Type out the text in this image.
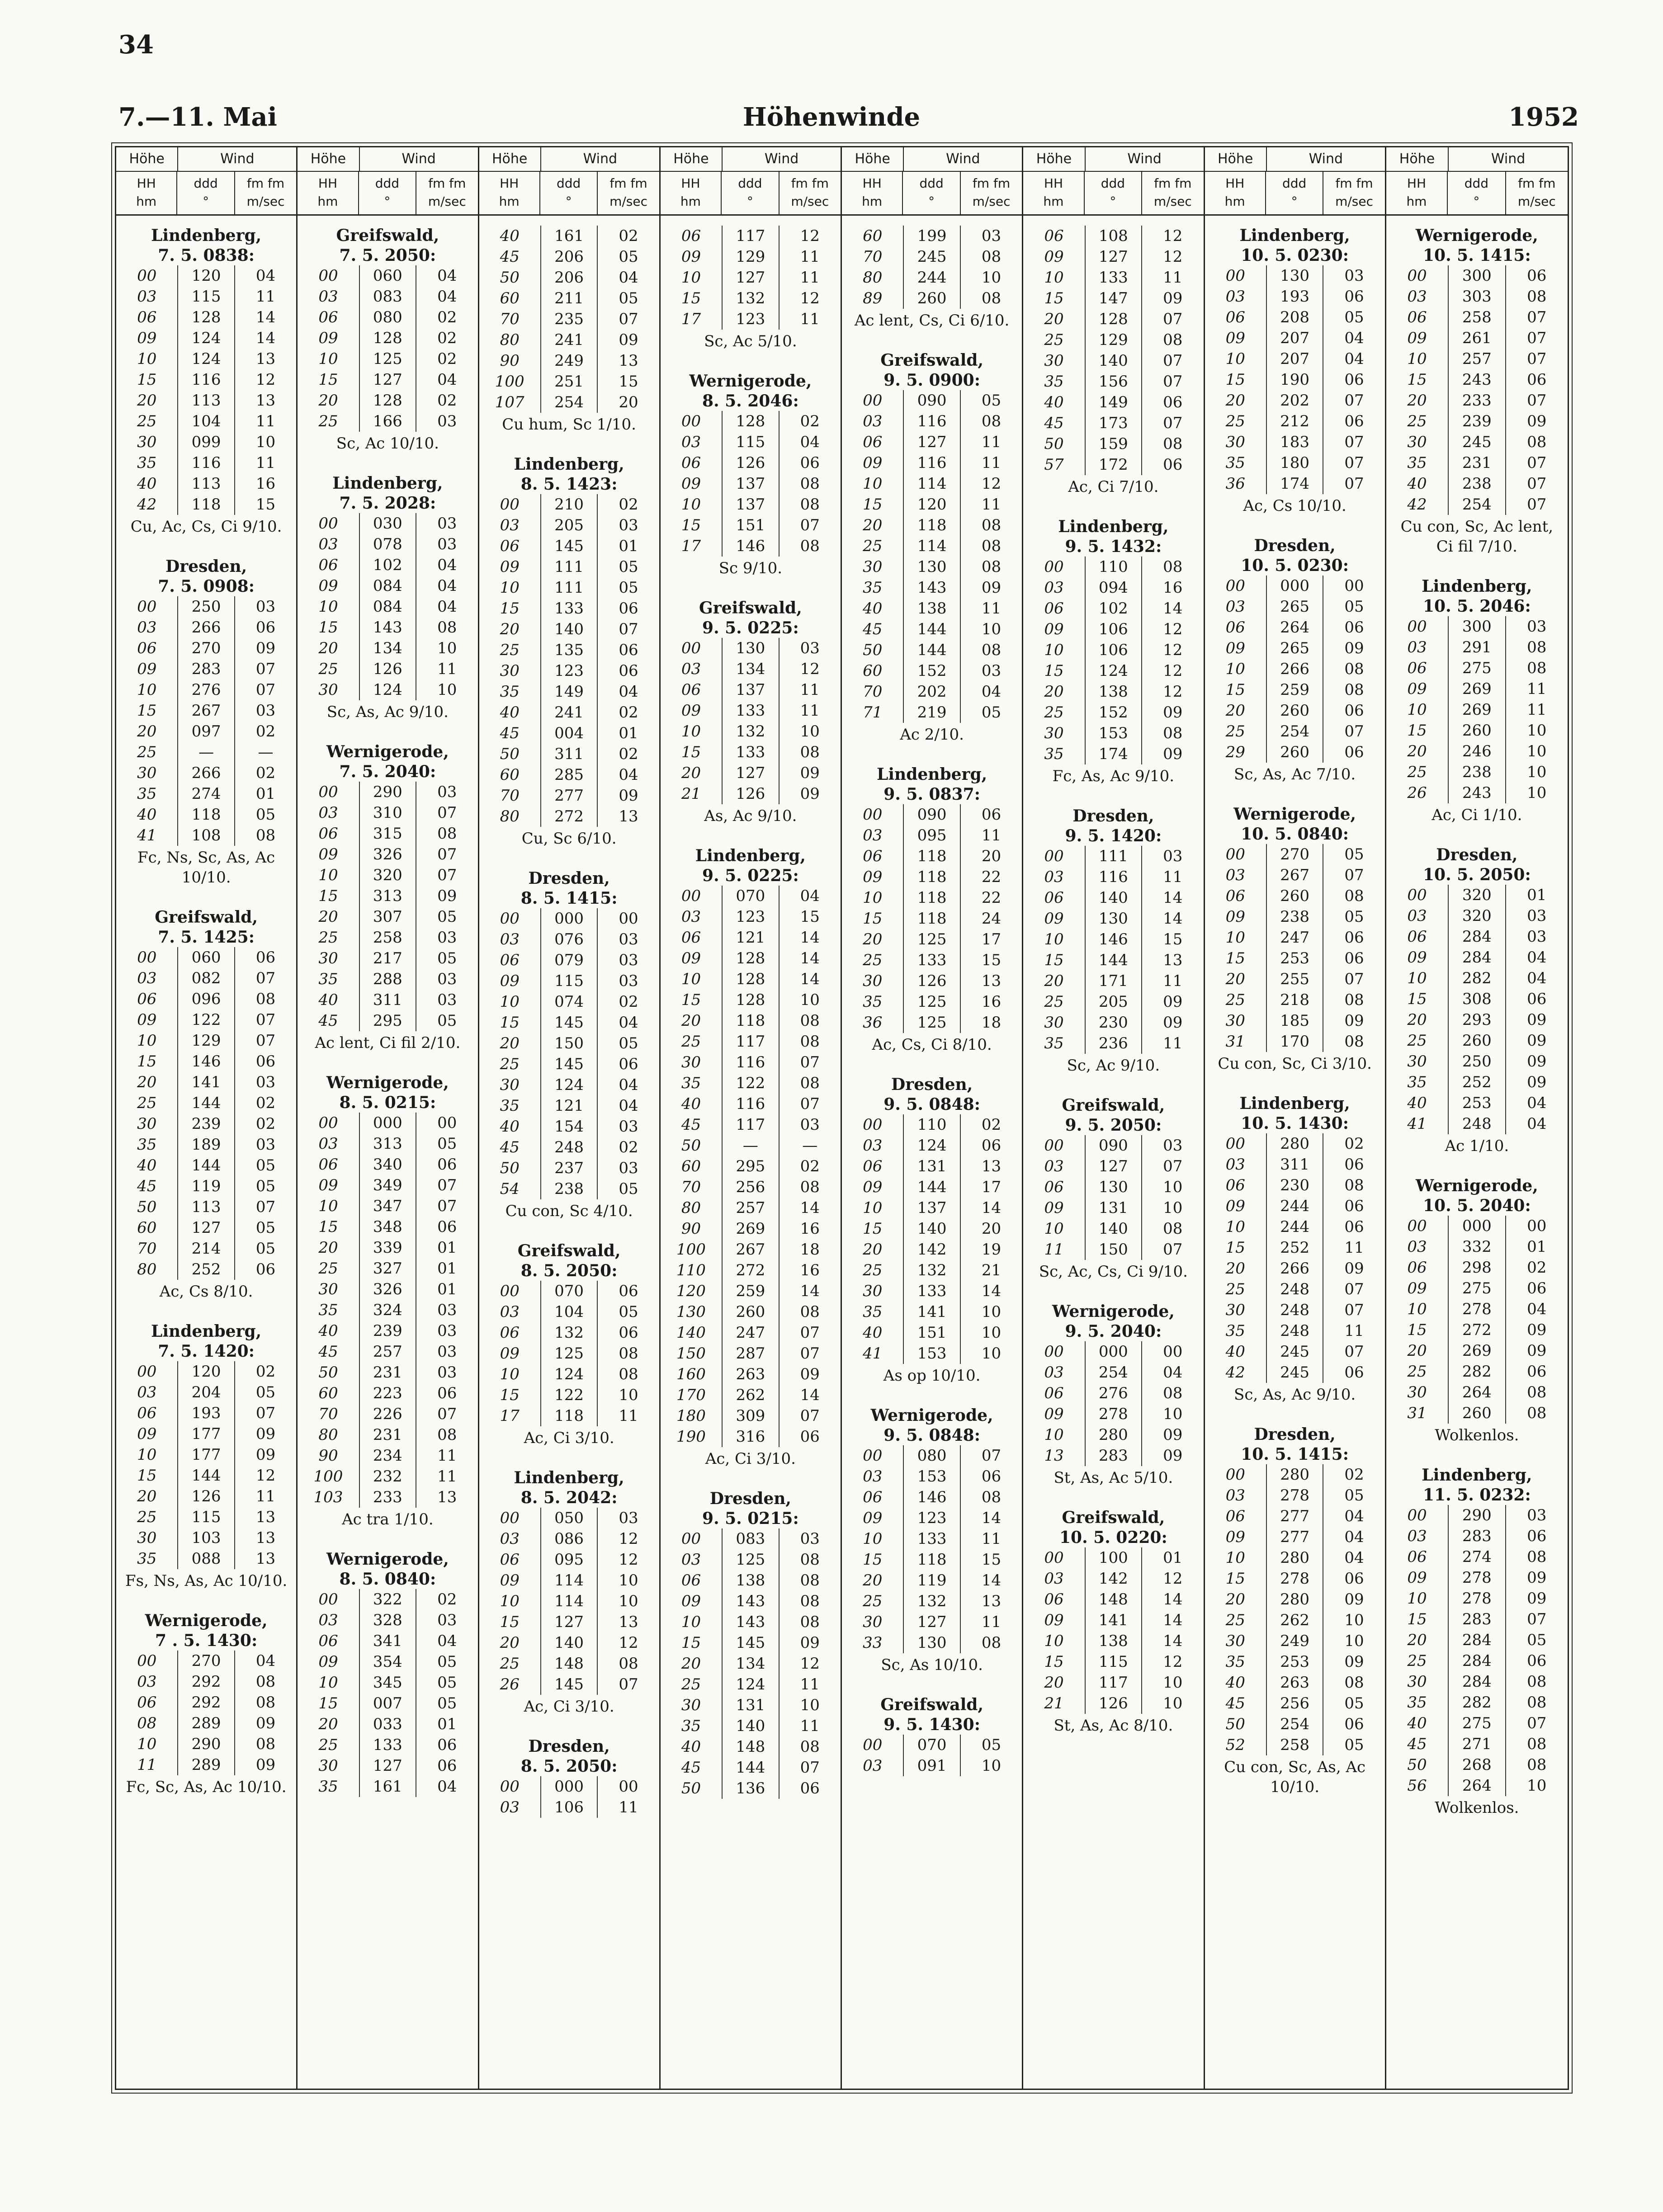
34
7.—11. Mai	Höhenwinde	1952
Höhe	Wind
HH
hm
ddd
°
fm fm
m/sec
Lindenberg,
7. 5. 0838:
00	120	04
03	115	11
06	128	14
09	124	14
10	124	13
15	116	12
20	113	13
25	104	11
30	099	10
35	116	11
40	113	16
42	118	15
Cu, Ac, Cs, Ci 9/10.
Dresden,
7. 5. 0908:
00	250	03
03	266	06
06	270	09
09	283	07
10	276	07
15	267	03
20	097	02
25	—	—
30	266	02
35	274	01
40	118	05
41	108	08
Fc, Ns, Sc, As, Ac 10/10.
Greifswald,
7. 5. 1425:
00	060	06
03	082	07
06	096	08
09	122	07
10	129	07
15	146	06
20	141	03
25	144	02
30	239	02
35	189	03
40	144	05
45	119	05
50	113	07
60	127	05
70	214	05
80	252	06
Ac, Cs 8/10.
Lindenberg,
7. 5. 1420:
00	120	02
03	204	05
06	193	07
09	177	09
10	177	09
15	144	12
20	126	11
25	115	13
30	103	13
35	088	13
Fs, Ns, As, Ac 10/10.
Wernigerode,
7 . 5. 1430:
00	270	04
03	292	08
06	292	08
08	289	09
10	290	08
11	289	09
Fc, Sc, As, Ac 10/10.
Höhe	Wind
HH
hm
ddd
°
fm fm
m/sec
Greifswald,
7. 5. 2050:
00	060	04
03	083	04
06	080	02
09	128	02
10	125	02
15	127	04
20	128	02
25	166	03
Sc, Ac 10/10.
Lindenberg,
7. 5. 2028:
00	030	03
03	078	03
06	102	04
09	084	04
10	084	04
15	143	08
20	134	10
25	126	11
30	124	10
Sc, As, Ac 9/10.
Wernigerode,
7. 5. 2040:
00	290	03
03	310	07
06	315	08
09	326	07
10	320	07
15	313	09
20	307	05
25	258	03
30	217	05
35	288	03
40	311	03
45	295	05
Ac lent, Ci fil 2/10.
Wernigerode,
8. 5. 0215:
00	000	00
03	313	05
06	340	06
09	349	07
10	347	07
15	348	06
20	339	01
25	327	01
30	326	01
35	324	03
40	239	03
45	257	03
50	231	03
60	223	06
70	226	07
80	231	08
90	234	11
100	232	11
103	233	13
Ac tra 1/10.
Wernigerode,
8. 5. 0840:
00	322	02
03	328	03
06	341	04
09	354	05
10	345	05
15	007	05
20	033	01
25	133	06
30	127	06
35	161	04
Höhe	Wind
HH
hm
ddd
°
fm fm
m/sec
40	161	02
45	206	05
50	206	04
60	211	05
70	235	07
80	241	09
90	249	13
100	251	15
107	254	20
Cu hum, Sc 1/10.
Lindenberg,
8. 5. 1423:
00	210	02
03	205	03
06	145	01
09	111	05
10	111	05
15	133	06
20	140	07
25	135	06
30	123	06
35	149	04
40	241	02
45	004	01
50	311	02
60	285	04
70	277	09
80	272	13
Cu, Sc 6/10.
Dresden,
8. 5. 1415:
00	000	00
03	076	03
06	079	03
09	115	03
10	074	02
15	145	04
20	150	05
25	145	06
30	124	04
35	121	04
40	154	03
45	248	02
50	237	03
54	238	05
Cu con, Sc 4/10.
Greifswald,
8. 5. 2050:
00	070	06
03	104	05
06	132	06
09	125	08
10	124	08
15	122	10
17	118	11
Ac, Ci 3/10.
Lindenberg,
8. 5. 2042:
00	050	03
03	086	12
06	095	12
09	114	10
10	114	10
15	127	13
20	140	12
25	148	08
26	145	07
Ac, Ci 3/10.
Dresden,
8. 5. 2050:
00	000	00
03	106	11
Höhe	Wind
HH
hm
ddd
°
fm fm
m/sec
06	117	12
09	129	11
10	127	11
15	132	12
17	123	11
Sc, Ac 5/10.
Wernigerode,
8. 5. 2046:
00	128	02
03	115	04
06	126	06
09	137	08
10	137	08
15	151	07
17	146	08
Sc 9/10.
Greifswald,
9. 5. 0225:
00	130	03
03	134	12
06	137	11
09	133	11
10	132	10
15	133	08
20	127	09
21	126	09
As, Ac 9/10.
Lindenberg,
9. 5. 0225:
00	070	04
03	123	15
06	121	14
09	128	14
10	128	14
15	128	10
20	118	08
25	117	08
30	116	07
35	122	08
40	116	07
45	117	03
50	—	—
60	295	02
70	256	08
80	257	14
90	269	16
100	267	18
110	272	16
120	259	14
130	260	08
140	247	07
150	287	07
160	263	09
170	262	14
180	309	07
190	316	06
Ac, Ci 3/10.
Dresden,
9. 5. 0215:
00	083	03
03	125	08
06	138	08
09	143	08
10	143	08
15	145	09
20	134	12
25	124	11
30	131	10
35	140	11
40	148	08
45	144	07
50	136	06
Höhe	Wind
HH
hm
ddd
°
fm fm
m/sec
60	199	03
70	245	08
80	244	10
89	260	08
Ac lent, Cs, Ci 6/10.
Greifswald,
9. 5. 0900:
00	090	05
03	116	08
06	127	11
09	116	11
10	114	12
15	120	11
20	118	08
25	114	08
30	130	08
35	143	09
40	138	11
45	144	10
50	144	08
60	152	03
70	202	04
71	219	05
Ac 2/10.
Lindenberg,
9. 5. 0837:
00	090	06
03	095	11
06	118	20
09	118	22
10	118	22
15	118	24
20	125	17
25	133	15
30	126	13
35	125	16
36	125	18
Ac, Cs, Ci 8/10.
Dresden,
9. 5. 0848:
00	110	02
03	124	06
06	131	13
09	144	17
10	137	14
15	140	20
20	142	19
25	132	21
30	133	14
35	141	10
40	151	10
41	153	10
As op 10/10.
Wernigerode,
9. 5. 0848:
00	080	07
03	153	06
06	146	08
09	123	14
10	133	11
15	118	15
20	119	14
25	132	13
30	127	11
33	130	08
Sc, As 10/10.
Greifswald,
9. 5. 1430:
00	070	05
03	091	10
Höhe	Wind
HH
hm
ddd
°
fm fm
m/sec
06	108	12
09	127	12
10	133	11
15	147	09
20	128	07
25	129	08
30	140	07
35	156	07
40	149	06
45	173	07
50	159	08
57	172	06
Ac, Ci 7/10.
Lindenberg,
9. 5. 1432:
00	110	08
03	094	16
06	102	14
09	106	12
10	106	12
15	124	12
20	138	12
25	152	09
30	153	08
35	174	09
Fc, As, Ac 9/10.
Dresden,
9. 5. 1420:
00	111	03
03	116	11
06	140	14
09	130	14
10	146	15
15	144	13
20	171	11
25	205	09
30	230	09
35	236	11
Sc, Ac 9/10.
Greifswald,
9. 5. 2050:
00	090	03
03	127	07
06	130	10
09	131	10
10	140	08
11	150	07
Sc, Ac, Cs, Ci 9/10.
Wernigerode,
9. 5. 2040:
00	000	00
03	254	04
06	276	08
09	278	10
10	280	09
13	283	09
St, As, Ac 5/10.
Greifswald,
10. 5. 0220:
00	100	01
03	142	12
06	148	14
09	141	14
10	138	14
15	115	12
20	117	10
21	126	10
St, As, Ac 8/10.
Höhe	Wind
HH
hm
ddd
°
fm fm
m/sec
Lindenberg,
10. 5. 0230:
00	130	03
03	193	06
06	208	05
09	207	04
10	207	04
15	190	06
20	202	07
25	212	06
30	183	07
35	180	07
36	174	07
Ac, Cs 10/10.
Dresden,
10. 5. 0230:
00	000	00
03	265	05
06	264	06
09	265	09
10	266	08
15	259	08
20	260	06
25	254	07
29	260	06
Sc, As, Ac 7/10.
Wernigerode,
10. 5. 0840:
00	270	05
03	267	07
06	260	08
09	238	05
10	247	06
15	253	06
20	255	07
25	218	08
30	185	09
31	170	08
Cu con, Sc, Ci 3/10.
Lindenberg,
10. 5. 1430:
00	280	02
03	311	06
06	230	08
09	244	06
10	244	06
15	252	11
20	266	09
25	248	07
30	248	07
35	248	11
40	245	07
42	245	06
Sc, As, Ac 9/10.
Dresden,
10. 5. 1415:
00	280	02
03	278	05
06	277	04
09	277	04
10	280	04
15	278	06
20	280	09
25	262	10
30	249	10
35	253	09
40	263	08
45	256	05
50	254	06
52	258	05
Cu con, Sc, As, Ac 10/10.
Höhe	Wind
HH
hm
ddd
°
fm fm
m/sec
Wernigerode,
10. 5. 1415:
00	300	06
03	303	08
06	258	07
09	261	07
10	257	07
15	243	06
20	233	07
25	239	09
30	245	08
35	231	07
40	238	07
42	254	07
Cu con, Sc, Ac lent, Ci fil 7/10.
Lindenberg,
10. 5. 2046:
00	300	03
03	291	08
06	275	08
09	269	11
10	269	11
15	260	10
20	246	10
25	238	10
26	243	10
Ac, Ci 1/10.
Dresden,
10. 5. 2050:
00	320	01
03	320	03
06	284	03
09	284	04
10	282	04
15	308	06
20	293	09
25	260	09
30	250	09
35	252	09
40	253	04
41	248	04
Ac 1/10.
Wernigerode,
10. 5. 2040:
00	000	00
03	332	01
06	298	02
09	275	06
10	278	04
15	272	09
20	269	09
25	282	06
30	264	08
31	260	08
Wolkenlos.
Lindenberg,
11. 5. 0232:
00	290	03
03	283	06
06	274	08
09	278	09
10	278	09
15	283	07
20	284	05
25	284	06
30	284	08
35	282	08
40	275	07
45	271	08
50	268	08
56	264	10
Wolkenlos.
